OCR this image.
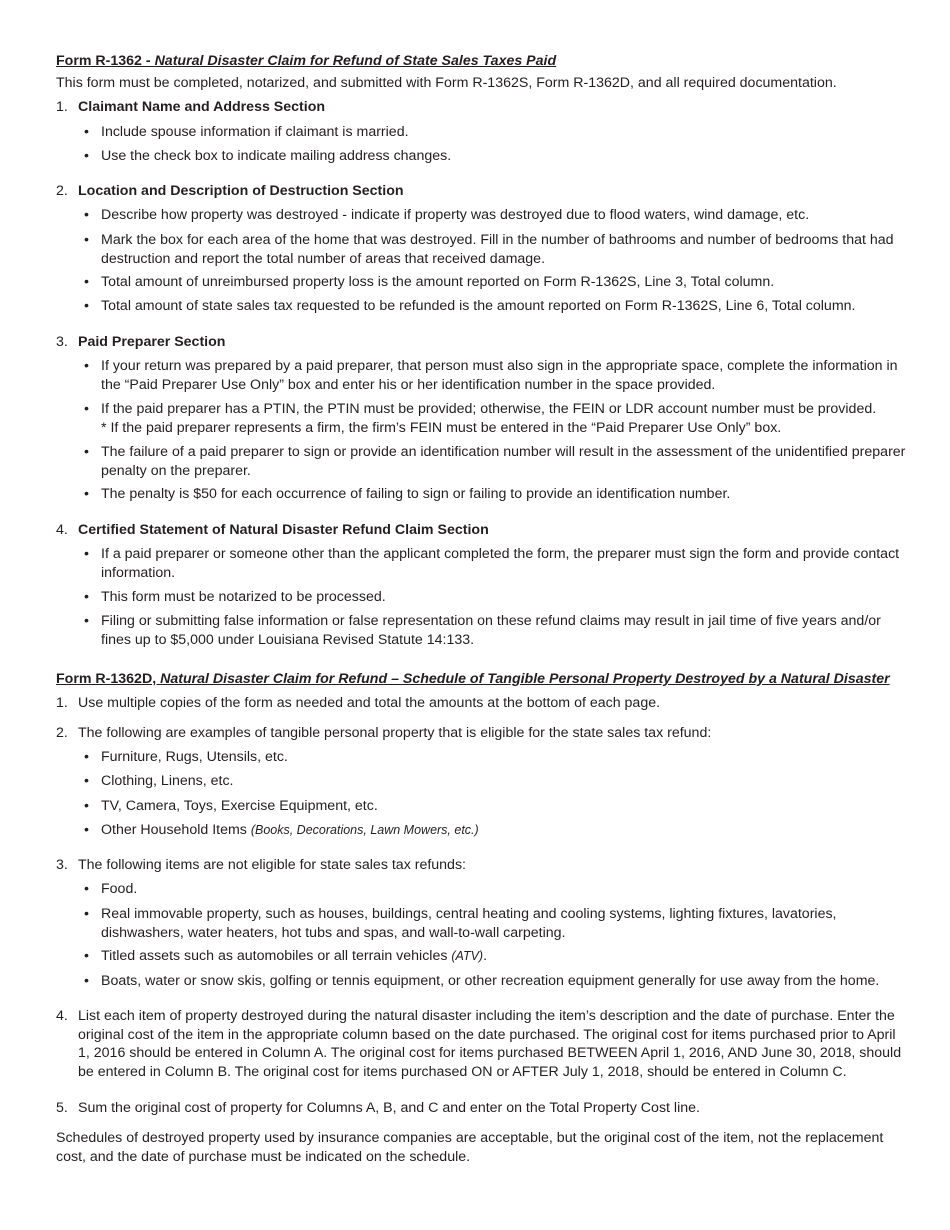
Form R-1362 - Natural Disaster Claim for Refund of State Sales Taxes Paid

This form must be completed, notarized, and submitted with Form R-1362S, Form R-1362D, and all required documentation.

1. Claimant Name and Address Section

• Include spouse information if claimant is married.

• Use the check box to indicate mailing address changes.

2. Location and Description of Destruction Section

• Describe how property was destroyed - indicate if property was destroyed due to flood waters, wind damage, etc.

• Mark the box for each area of the home that was destroyed. Fill in the number of bathrooms and number of bedrooms that had
destruction and report the total number of areas that received damage.

• Total amount of unreimbursed property loss is the amount reported on Form R-1362S, Line 3, Total column.

• Total amount of state sales tax requested to be refunded is the amount reported on Form R-1362S, Line 6, Total column.

3. Paid Preparer Section

• If your return was prepared by a paid preparer, that person must also sign in the appropriate space, complete the information in
the “Paid Preparer Use Only” box and enter his or her identification number in the space provided.

• If the paid preparer has a PTIN, the PTIN must be provided; otherwise, the FEIN or LDR account number must be provided.
* If the paid preparer represents a firm, the firm’s FEIN must be entered in the “Paid Preparer Use Only” box.

• The failure of a paid preparer to sign or provide an identification number will result in the assessment of the unidentified preparer
penalty on the preparer.

• The penalty is $50 for each occurrence of failing to sign or failing to provide an identification number.

4. Certified Statement of Natural Disaster Refund Claim Section

• If a paid preparer or someone other than the applicant completed the form, the preparer must sign the form and provide contact
information.

• This form must be notarized to be processed.

• Filing or submitting false information or false representation on these refund claims may result in jail time of five years and/or
fines up to $5,000 under Louisiana Revised Statute 14:133.

Form R-1362D, Natural Disaster Claim for Refund – Schedule of Tangible Personal Property Destroyed by a Natural Disaster

1. Use multiple copies of the form as needed and total the amounts at the bottom of each page.

2. The following are examples of tangible personal property that is eligible for the state sales tax refund:

• Furniture, Rugs, Utensils, etc.

• Clothing, Linens, etc.

• TV, Camera, Toys, Exercise Equipment, etc.

• Other Household Items (Books, Decorations, Lawn Mowers, etc.)

3. The following items are not eligible for state sales tax refunds:

• Food.

• Real immovable property, such as houses, buildings, central heating and cooling systems, lighting fixtures, lavatories,
dishwashers, water heaters, hot tubs and spas, and wall-to-wall carpeting.

• Titled assets such as automobiles or all terrain vehicles (ATV).

• Boats, water or snow skis, golfing or tennis equipment, or other recreation equipment generally for use away from the home.

4. List each item of property destroyed during the natural disaster including the item’s description and the date of purchase. Enter the
original cost of the item in the appropriate column based on the date purchased. The original cost for items purchased prior to April
1, 2016 should be entered in Column A. The original cost for items purchased BETWEEN April 1, 2016, AND June 30, 2018, should
be entered in Column B. The original cost for items purchased ON or AFTER July 1, 2018, should be entered in Column C.

5. Sum the original cost of property for Columns A, B, and C and enter on the Total Property Cost line.

Schedules of destroyed property used by insurance companies are acceptable, but the original cost of the item, not the replacement
cost, and the date of purchase must be indicated on the schedule.
